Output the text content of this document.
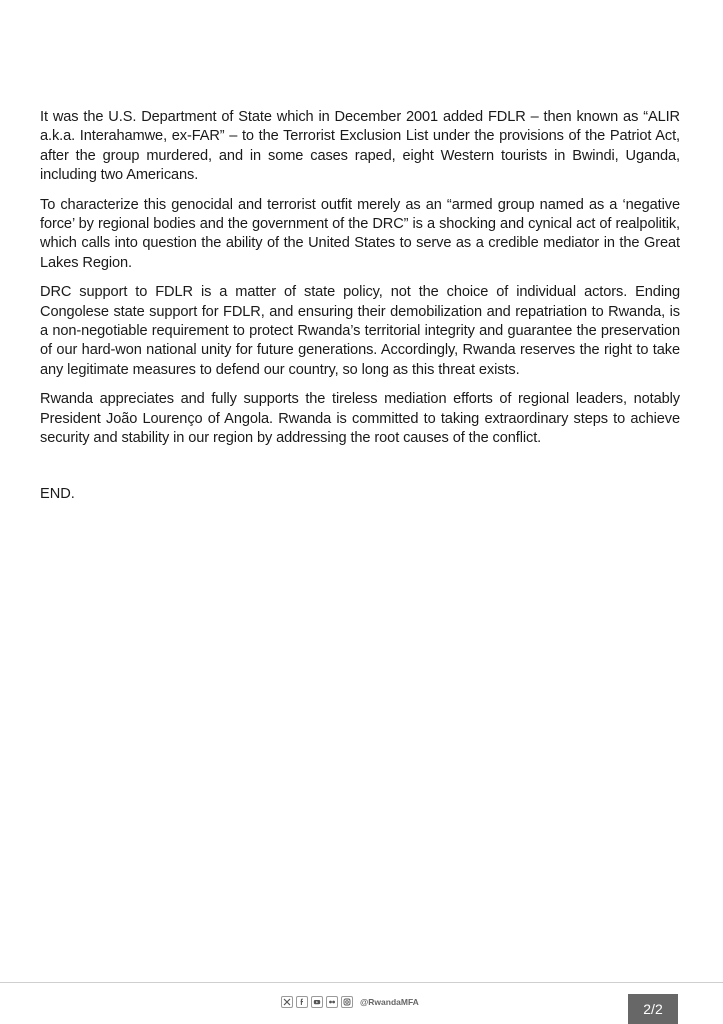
It was the U.S. Department of State which in December 2001 added FDLR – then known as “ALIR a.k.a. Interahamwe, ex-FAR” – to the Terrorist Exclusion List under the provisions of the Patriot Act, after the group murdered, and in some cases raped, eight Western tourists in Bwindi, Uganda, including two Americans.

To characterize this genocidal and terrorist outfit merely as an “armed group named as a ‘negative force’ by regional bodies and the government of the DRC” is a shocking and cynical act of realpolitik, which calls into question the ability of the United States to serve as a credible mediator in the Great Lakes Region.

DRC support to FDLR is a matter of state policy, not the choice of individual actors. Ending Congolese state support for FDLR, and ensuring their demobilization and repatriation to Rwanda, is a non-negotiable requirement to protect Rwanda’s territorial integrity and guarantee the preservation of our hard-won national unity for future generations. Accordingly, Rwanda reserves the right to take any legitimate measures to defend our country, so long as this threat exists.

Rwanda appreciates and fully supports the tireless mediation efforts of regional leaders, notably President João Lourenço of Angola. Rwanda is committed to taking extraordinary steps to achieve security and stability in our region by addressing the root causes of the conflict.

END.
@RwandaMFA	2/2
